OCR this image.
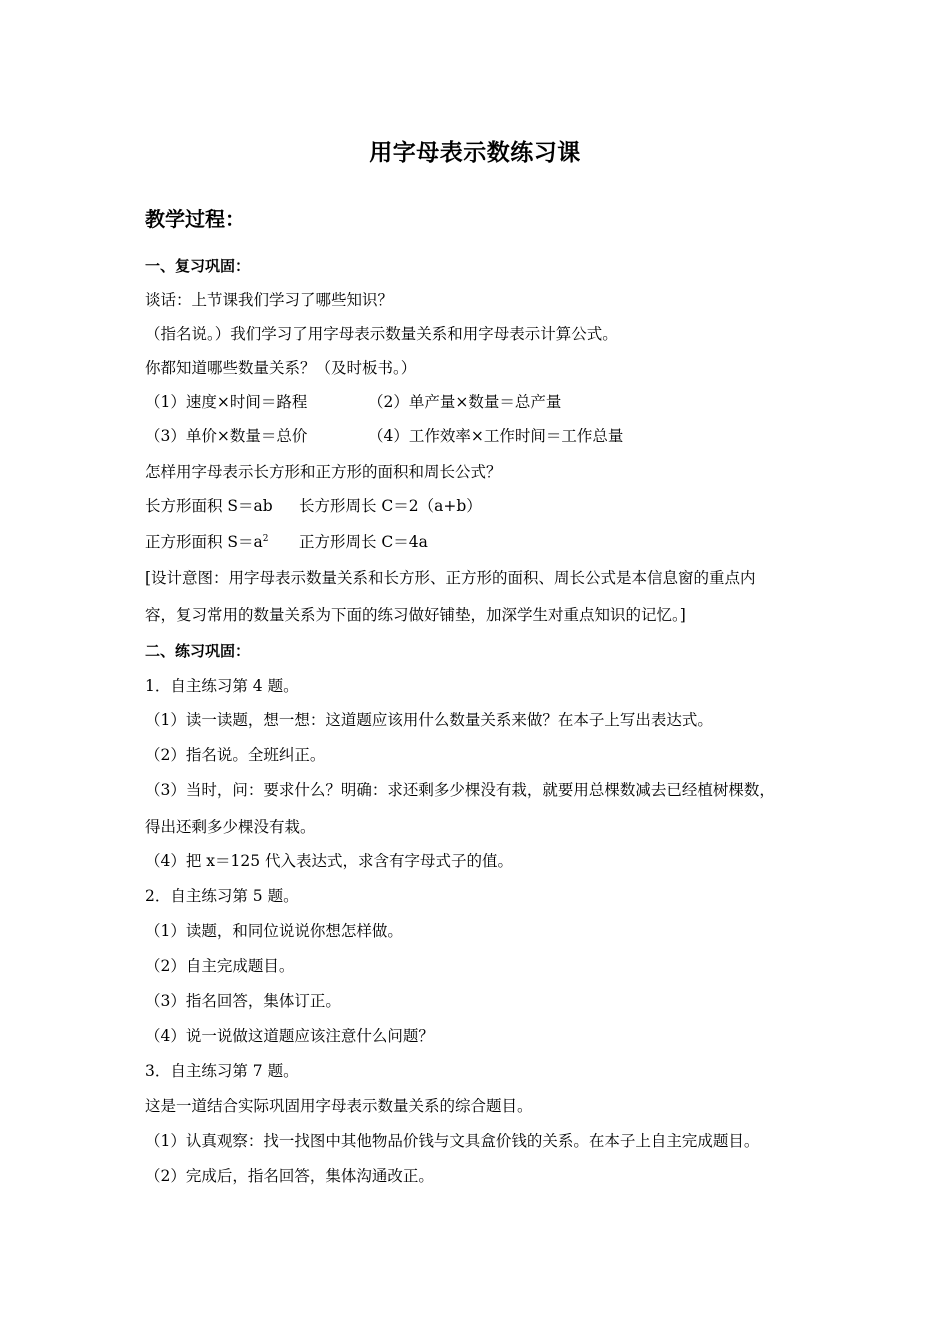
用字母表示数练习课
教学过程：
一、复习巩固：
谈话：上节课我们学习了哪些知识？
（指名说。）我们学习了用字母表示数量关系和用字母表示计算公式。
你都知道哪些数量关系？（及时板书。）
（1）速度×时间＝路程	（2）单产量×数量＝总产量
（3）单价×数量＝总价	（4）工作效率×工作时间＝工作总量
怎样用字母表示长方形和正方形的面积和周长公式？
长方形面积 S＝ab 长方形周长 C＝2（a+b）
正方形面积 $S=a^2$ 正方形周长 C＝4a
[设计意图：用字母表示数量关系和长方形、正方形的面积、周长公式是本信息窗的重点内
容，复习常用的数量关系为下面的练习做好铺垫，加深学生对重点知识的记忆。]
二、练习巩固：
1．自主练习第 4 题。
（1）读一读题，想一想：这道题应该用什么数量关系来做？在本子上写出表达式。
（2）指名说。全班纠正。
（3）当时，问：要求什么？明确：求还剩多少棵没有栽，就要用总棵数减去已经植树棵数，
得出还剩多少棵没有栽。
（4）把 x＝125 代入表达式，求含有字母式子的值。
2．自主练习第 5 题。
（1）读题，和同位说说你想怎样做。
（2）自主完成题目。
（3）指名回答，集体订正。
（4）说一说做这道题应该注意什么问题？
3．自主练习第 7 题。
这是一道结合实际巩固用字母表示数量关系的综合题目。
（1）认真观察：找一找图中其他物品价钱与文具盒价钱的关系。在本子上自主完成题目。
（2）完成后，指名回答，集体沟通改正。
